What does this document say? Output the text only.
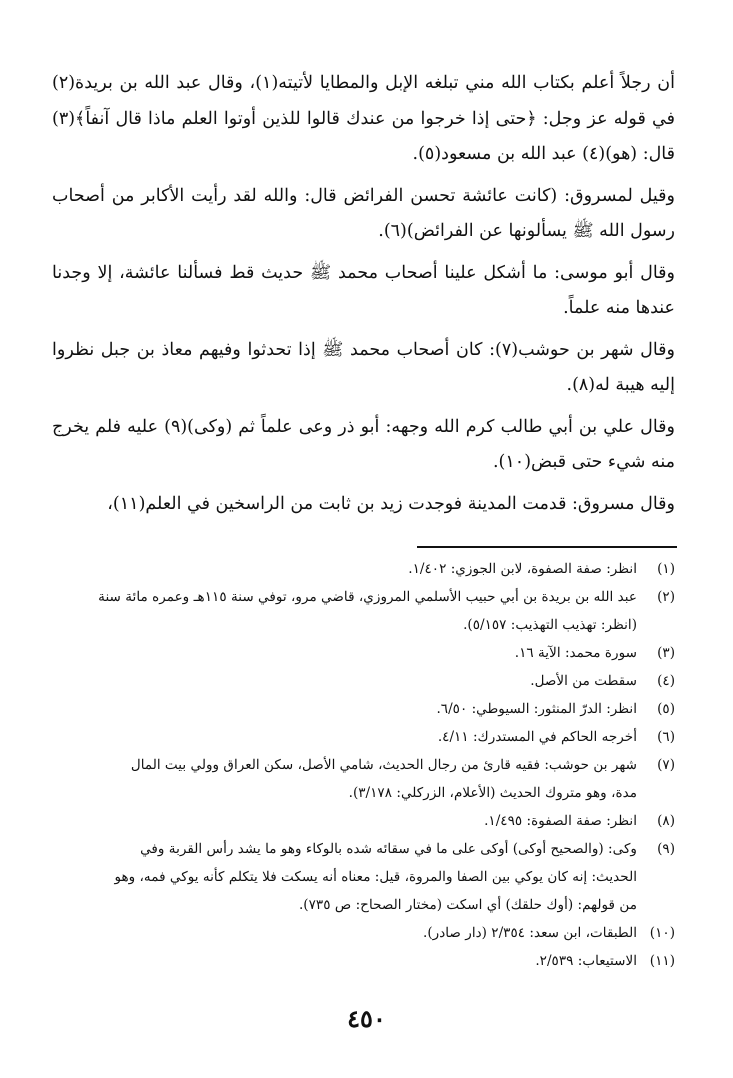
أن رجلاً أعلم بكتاب الله مني تبلغه الإبل والمطايا لأتيته(١)، وقال عبد الله بن بريدة(٢) في قوله عز وجل: ﴿حتى إذا خرجوا من عندك قالوا للذين أوتوا العلم ماذا قال آنفاً﴾(٣) قال: (هو)(٤) عبد الله بن مسعود(٥).

وقيل لمسروق: (كانت عائشة تحسن الفرائض قال: والله لقد رأيت الأكابر من أصحاب رسول الله ﷺ يسألونها عن الفرائض)(٦).

وقال أبو موسى: ما أشكل علينا أصحاب محمد ﷺ حديث قط فسألنا عائشة، إلا وجدنا عندها منه علماً.

وقال شهر بن حوشب(٧): كان أصحاب محمد ﷺ إذا تحدثوا وفيهم معاذ بن جبل نظروا إليه هيبة له(٨).

وقال علي بن أبي طالب كرم الله وجهه: أبو ذر وعى علماً ثم (وكى)(٩) عليه فلم يخرج منه شيء حتى قبض(١٠).

وقال مسروق: قدمت المدينة فوجدت زيد بن ثابت من الراسخين في العلم(١١)،

(١)
انظر: صفة الصفوة، لابن الجوزي: ١/٤٠٢.
(٢)
عبد الله بن بريدة بن أبي حبيب الأسلمي المروزي، قاضي مرو، توفي سنة ١١٥هـ وعمره مائة سنة
(انظر: تهذيب التهذيب: ٥/١٥٧).
(٣)
سورة محمد: الآية ١٦.
(٤)
سقطت من الأصل.
(٥)
انظر: الدرّ المنثور: السيوطي: ٦/٥٠.
(٦)
أخرجه الحاكم في المستدرك: ٤/١١.
(٧)
شهر بن حوشب: فقيه قارئ من رجال الحديث، شامي الأصل، سكن العراق وولي بيت المال
مدة، وهو متروك الحديث (الأعلام، الزركلي: ٣/١٧٨).
(٨)
انظر: صفة الصفوة: ١/٤٩٥.
(٩)
وكى: (والصحيح أوكى) أوكى على ما في سقائه شده بالوكاء وهو ما يشد رأس القربة وفي
الحديث: إنه كان يوكي بين الصفا والمروة، قيل: معناه أنه يسكت فلا يتكلم كأنه يوكي فمه، وهو
من قولهم: (أوك حلقك) أي اسكت (مختار الصحاح: ص ٧٣٥).
(١٠)
الطبقات، ابن سعد: ٢/٣٥٤ (دار صادر).
(١١)
الاستيعاب: ٢/٥٣٩.
٤٥٠
